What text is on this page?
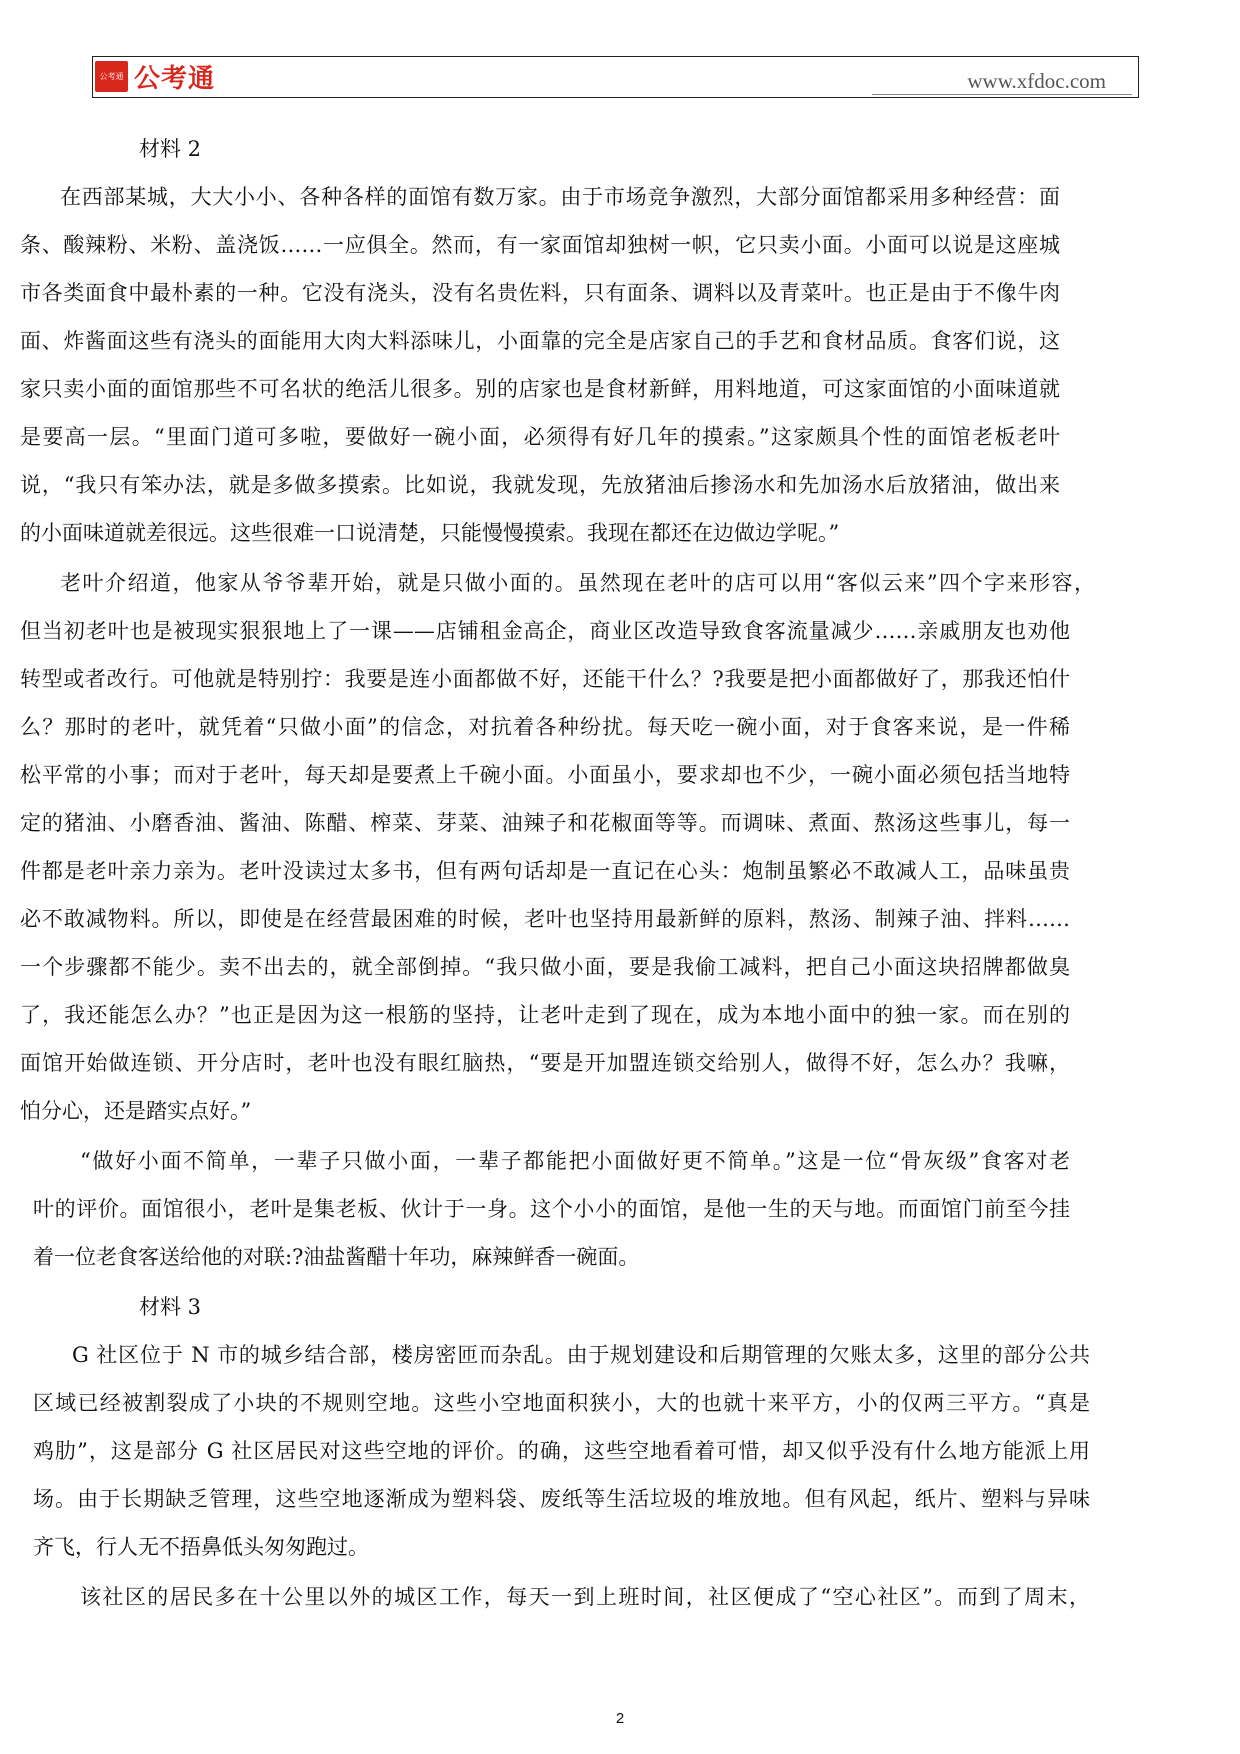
公考通 公考通	www.xfdoc.com
材料 2
在西部某城，大大小小、各种各样的面馆有数万家。由于市场竞争激烈，大部分面馆都采用多种经营：面
条、酸辣粉、米粉、盖浇饭……一应俱全。然而，有一家面馆却独树一帜，它只卖小面。小面可以说是这座城
市各类面食中最朴素的一种。它没有浇头，没有名贵佐料，只有面条、调料以及青菜叶。也正是由于不像牛肉
面、炸酱面这些有浇头的面能用大肉大料添味儿，小面靠的完全是店家自己的手艺和食材品质。食客们说，这
家只卖小面的面馆那些不可名状的绝活儿很多。别的店家也是食材新鲜，用料地道，可这家面馆的小面味道就
是要高一层。“里面门道可多啦，要做好一碗小面，必须得有好几年的摸索。”这家颇具个性的面馆老板老叶
说，“我只有笨办法，就是多做多摸索。比如说，我就发现，先放猪油后掺汤水和先加汤水后放猪油，做出来
的小面味道就差很远。这些很难一口说清楚，只能慢慢摸索。我现在都还在边做边学呢。”
老叶介绍道，他家从爷爷辈开始，就是只做小面的。虽然现在老叶的店可以用“客似云来”四个字来形容，
但当初老叶也是被现实狠狠地上了一课——店铺租金高企，商业区改造导致食客流量减少……亲戚朋友也劝他
转型或者改行。可他就是特别拧：我要是连小面都做不好，还能干什么？?我要是把小面都做好了，那我还怕什
么？那时的老叶，就凭着“只做小面”的信念，对抗着各种纷扰。每天吃一碗小面，对于食客来说，是一件稀
松平常的小事；而对于老叶，每天却是要煮上千碗小面。小面虽小，要求却也不少，一碗小面必须包括当地特
定的猪油、小磨香油、酱油、陈醋、榨菜、芽菜、油辣子和花椒面等等。而调味、煮面、熬汤这些事儿，每一
件都是老叶亲力亲为。老叶没读过太多书，但有两句话却是一直记在心头：炮制虽繁必不敢减人工，品味虽贵
必不敢减物料。所以，即使是在经营最困难的时候，老叶也坚持用最新鲜的原料，熬汤、制辣子油、拌料……
一个步骤都不能少。卖不出去的，就全部倒掉。“我只做小面，要是我偷工减料，把自己小面这块招牌都做臭
了，我还能怎么办？”也正是因为这一根筋的坚持，让老叶走到了现在，成为本地小面中的独一家。而在别的
面馆开始做连锁、开分店时，老叶也没有眼红脑热，“要是开加盟连锁交给别人，做得不好，怎么办？我嘛，
怕分心，还是踏实点好。”
“做好小面不简单，一辈子只做小面，一辈子都能把小面做好更不简单。”这是一位“骨灰级”食客对老
叶的评价。面馆很小，老叶是集老板、伙计于一身。这个小小的面馆，是他一生的天与地。而面馆门前至今挂
着一位老食客送给他的对联:?油盐酱醋十年功，麻辣鲜香一碗面。
材料 3
G 社区位于 N 市的城乡结合部，楼房密匝而杂乱。由于规划建设和后期管理的欠账太多，这里的部分公共
区域已经被割裂成了小块的不规则空地。这些小空地面积狭小，大的也就十来平方，小的仅两三平方。“真是
鸡肋”，这是部分 G 社区居民对这些空地的评价。的确，这些空地看着可惜，却又似乎没有什么地方能派上用
场。由于长期缺乏管理，这些空地逐渐成为塑料袋、废纸等生活垃圾的堆放地。但有风起，纸片、塑料与异味
齐飞，行人无不捂鼻低头匆匆跑过。
该社区的居民多在十公里以外的城区工作，每天一到上班时间，社区便成了“空心社区”。而到了周末，
2
